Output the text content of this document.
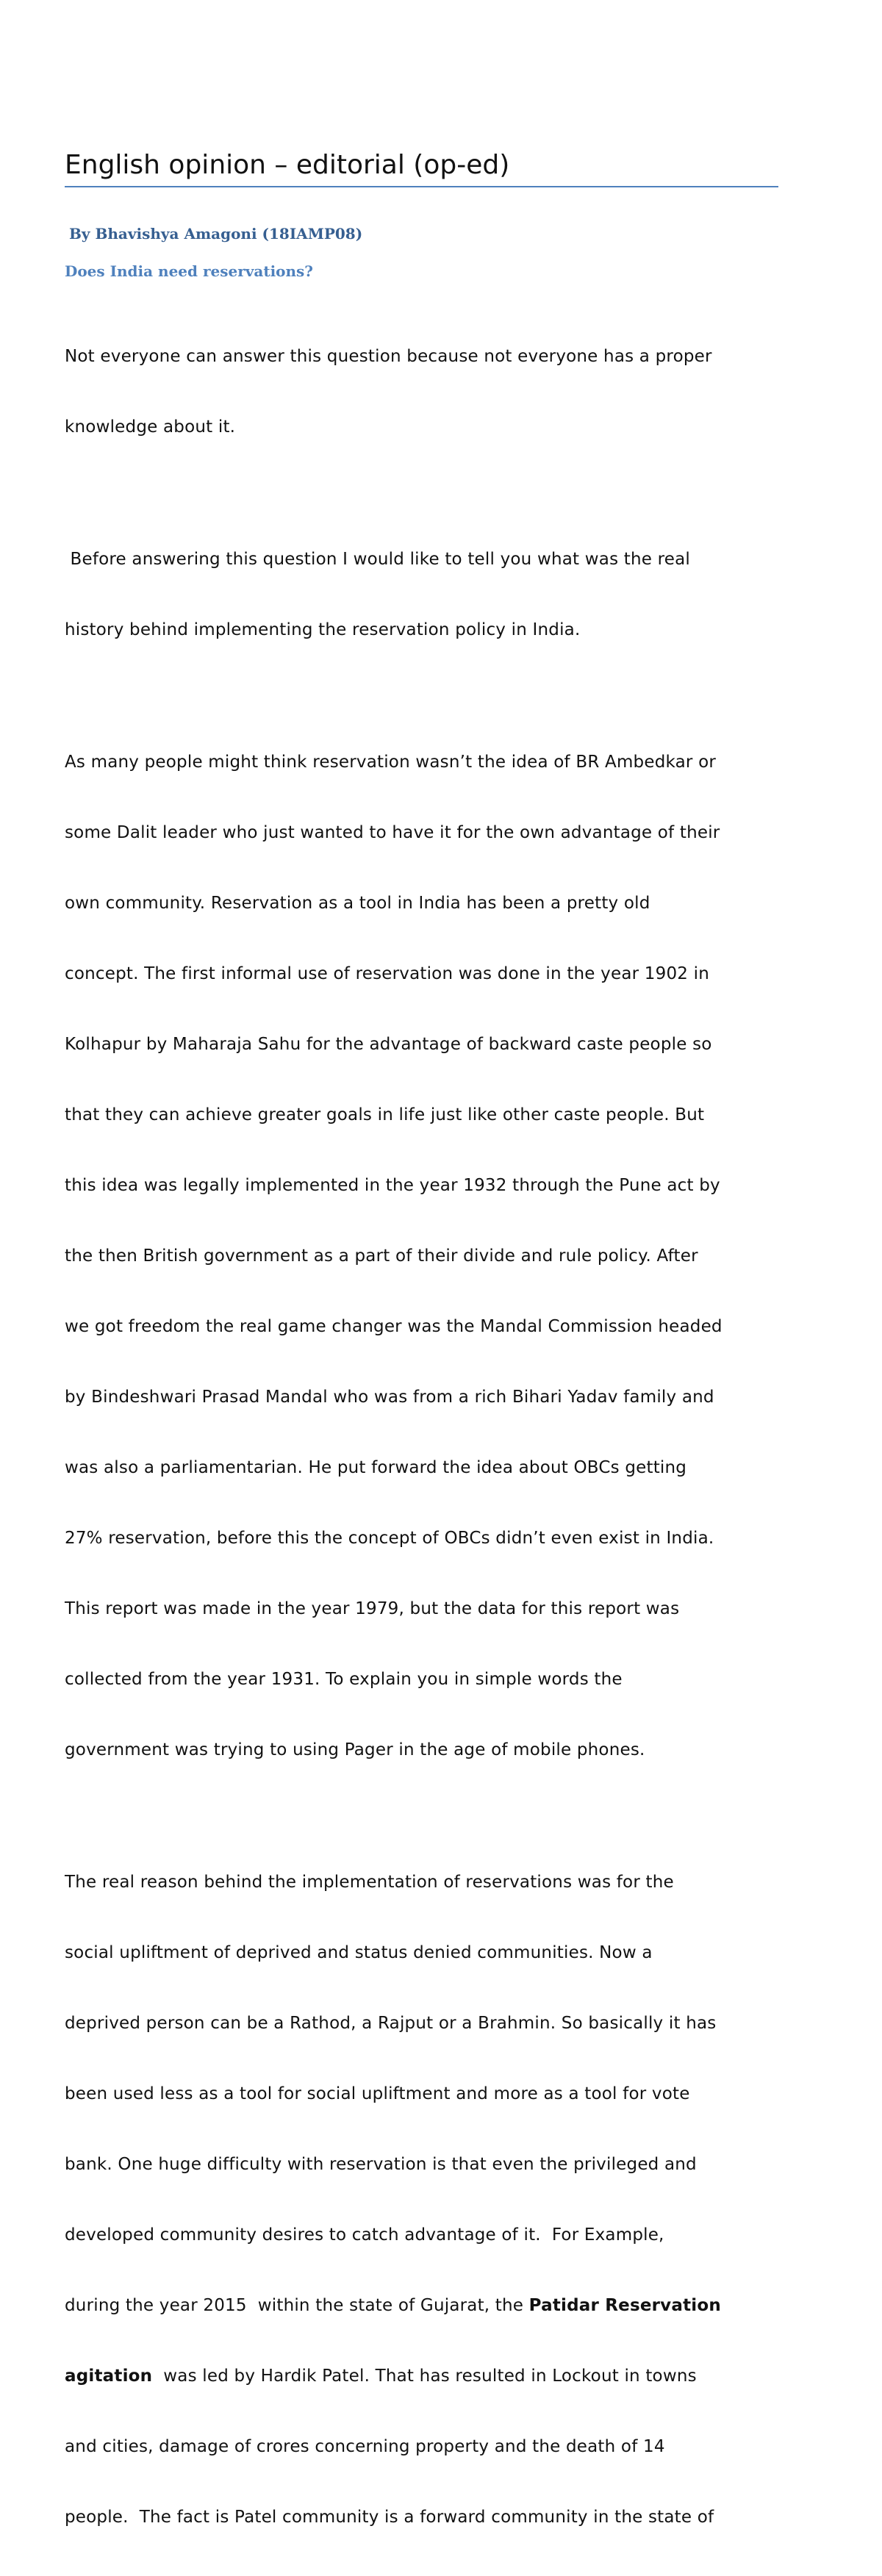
English opinion – editorial (op-ed)
By Bhavishya Amagoni (18IAMP08)
Does India need reservations?

Not everyone can answer this question because not everyone has a proper

knowledge about it.

Before answering this question I would like to tell you what was the real

history behind implementing the reservation policy in India.

As many people might think reservation wasn’t the idea of BR Ambedkar or

some Dalit leader who just wanted to have it for the own advantage of their

own community. Reservation as a tool in India has been a pretty old

concept. The first informal use of reservation was done in the year 1902 in

Kolhapur by Maharaja Sahu for the advantage of backward caste people so

that they can achieve greater goals in life just like other caste people. But

this idea was legally implemented in the year 1932 through the Pune act by

the then British government as a part of their divide and rule policy. After

we got freedom the real game changer was the Mandal Commission headed

by Bindeshwari Prasad Mandal who was from a rich Bihari Yadav family and

was also a parliamentarian. He put forward the idea about OBCs getting

27% reservation, before this the concept of OBCs didn’t even exist in India.

This report was made in the year 1979, but the data for this report was

collected from the year 1931. To explain you in simple words the

government was trying to using Pager in the age of mobile phones.

The real reason behind the implementation of reservations was for the

social upliftment of deprived and status denied communities. Now a

deprived person can be a Rathod, a Rajput or a Brahmin. So basically it has

been used less as a tool for social upliftment and more as a tool for vote

bank. One huge difficulty with reservation is that even the privileged and

developed community desires to catch advantage of it.  For Example,

during the year 2015  within the state of Gujarat, the Patidar Reservation

agitation  was led by Hardik Patel. That has resulted in Lockout in towns

and cities, damage of crores concerning property and the death of 14

people.  The fact is Patel community is a forward community in the state of
